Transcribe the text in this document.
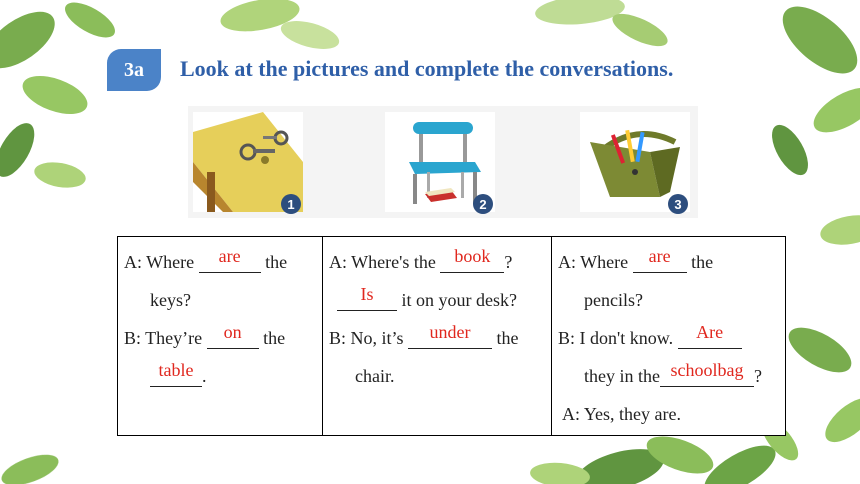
3a	Look at the pictures and complete the conversations.
1	2	3
A: Where are the
keys?
B: They’re on the
table .

A: Where's the book ?
Is it on your desk?
B: No, it’s under the
chair.

A: Where are the
pencils?
B: I don't know. Are
they in the schoolbag ?
A: Yes, they are.
